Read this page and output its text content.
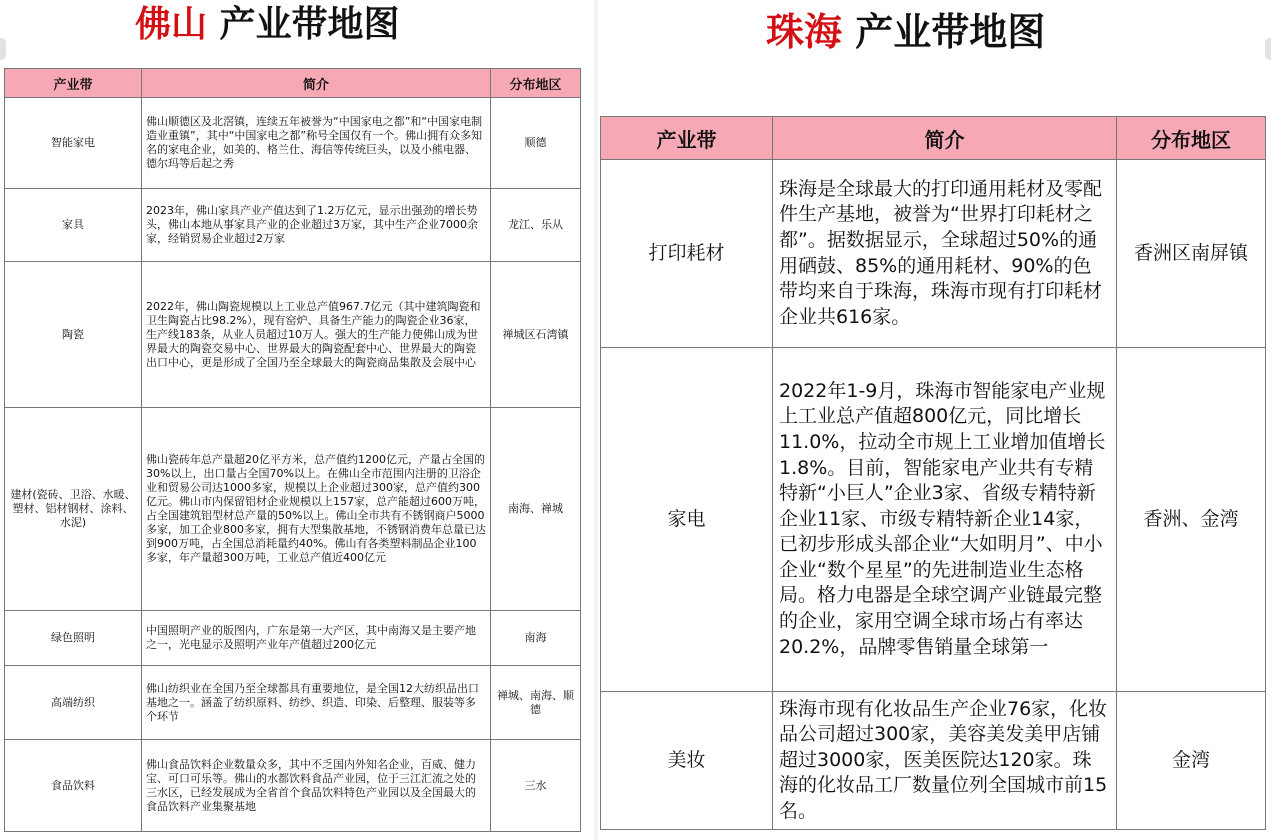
佛山 产业带地图	珠海 产业带地图
产业带	简介	分布地区
智能家电	佛山顺德区及北滘镇，连续五年被誉为“中国家电之都”和“中国家电制造业重镇”，其中“中国家电之都”称号全国仅有一个。佛山拥有众多知名的家电企业，如美的、格兰仕、海信等传统巨头，以及小熊电器、德尔玛等后起之秀	顺德
家具	2023年，佛山家具产业产值达到了1.2万亿元，显示出强劲的增长势头，佛山本地从事家具产业的企业超过3万家，其中生产企业7000余家，经销贸易企业超过2万家	龙江、乐从
陶瓷	2022年，佛山陶瓷规模以上工业总产值967.7亿元（其中建筑陶瓷和卫生陶瓷占比98.2%），现有窑炉、具备生产能力的陶瓷企业36家，生产线183条，从业人员超过10万人。强大的生产能力使佛山成为世界最大的陶瓷交易中心、世界最大的陶瓷配套中心、世界最大的陶瓷出口中心，更是形成了全国乃至全球最大的陶瓷商品集散及会展中心	禅城区石湾镇
建材(瓷砖、卫浴、水暖、塑材、铝材钢材、涂料、水泥)	佛山瓷砖年总产量超20亿平方米，总产值约1200亿元，产量占全国的30%以上，出口量占全国70%以上。在佛山全市范围内注册的卫浴企业和贸易公司达1000多家，规模以上企业超过300家，总产值约300亿元。佛山市内保留铝材企业规模以上157家，总产能超过600万吨，占全国建筑铝型材总产量的50%以上。佛山全市共有不锈钢商户5000多家，加工企业800多家，拥有大型集散基地，不锈钢消费年总量已达到900万吨，占全国总消耗量约40%。佛山有各类塑料制品企业100多家，年产量超300万吨，工业总产值近400亿元	南海、禅城
绿色照明	中国照明产业的版图内，广东是第一大产区，其中南海又是主要产地之一，光电显示及照明产业年产值超过200亿元	南海
高端纺织	佛山纺织业在全国乃至全球都具有重要地位，是全国12大纺织品出口基地之一。涵盖了纺织原料、纺纱、织造、印染、后整理、服装等多个环节	禅城、南海、顺德
食品饮料	佛山食品饮料企业数量众多，其中不乏国内外知名企业，百威、健力宝、可口可乐等。佛山的水都饮料食品产业园，位于三江汇流之处的三水区，已经发展成为全省首个食品饮料特色产业园以及全国最大的食品饮料产业集聚基地	三水
产业带	简介	分布地区
打印耗材	珠海是全球最大的打印通用耗材及零配件生产基地，被誉为“世界打印耗材之都”。据数据显示，全球超过50%的通用硒鼓、85%的通用耗材、90%的色带均来自于珠海，珠海市现有打印耗材企业共616家。	香洲区南屏镇
家电	2022年1-9月，珠海市智能家电产业规上工业总产值超800亿元，同比增长11.0%，拉动全市规上工业增加值增长1.8%。目前，智能家电产业共有专精特新“小巨人”企业3家、省级专精特新企业11家、市级专精特新企业14家，已初步形成头部企业“大如明月”、中小企业“数个星星”的先进制造业生态格局。格力电器是全球空调产业链最完整的企业，家用空调全球市场占有率达20.2%，品牌零售销量全球第一	香洲、金湾
美妆	珠海市现有化妆品生产企业76家，化妆品公司超过300家，美容美发美甲店铺超过3000家，医美医院达120家。珠海的化妆品工厂数量位列全国城市前15名。	金湾
